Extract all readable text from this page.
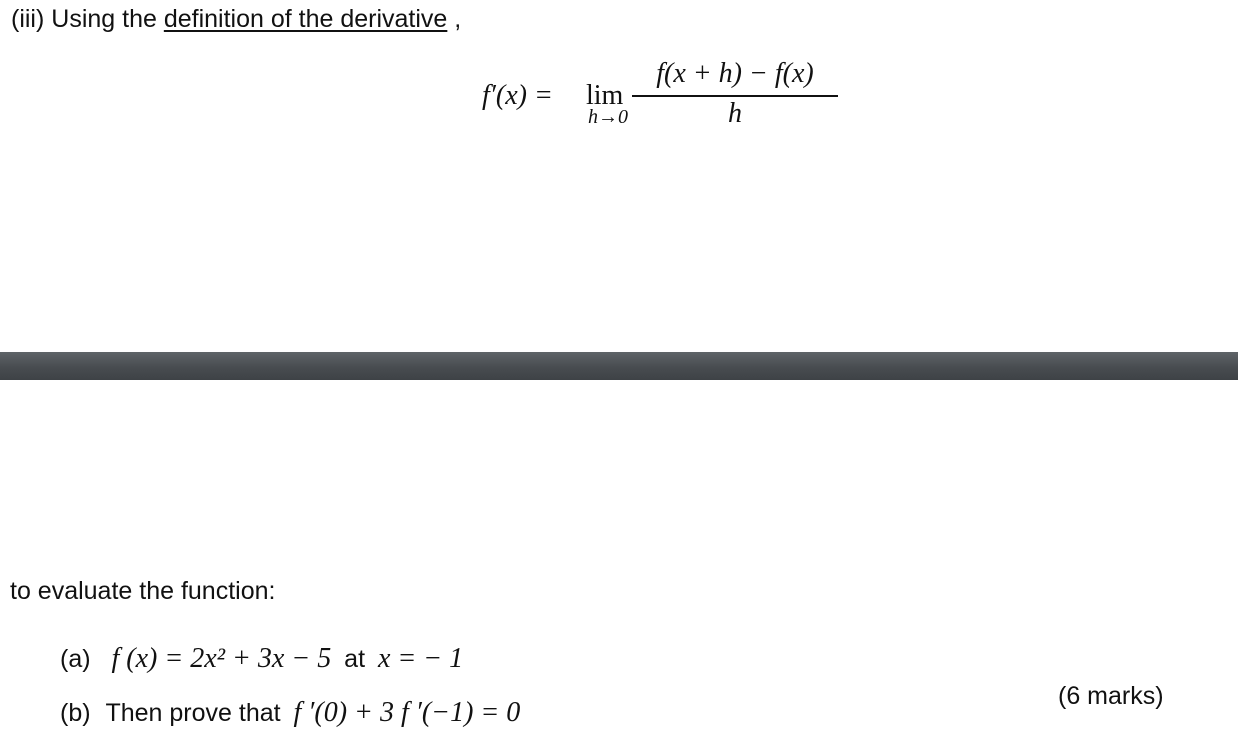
(iii) Using the definition of the derivative ,
f′(x) = lim
h→0
f(x + h) − f(x)
h
to evaluate the function:
(a) f (x) = 2x² + 3x − 5 at x = − 1
(b) Then prove that f ′(0) + 3 f ′(−1) = 0
(6 marks)
